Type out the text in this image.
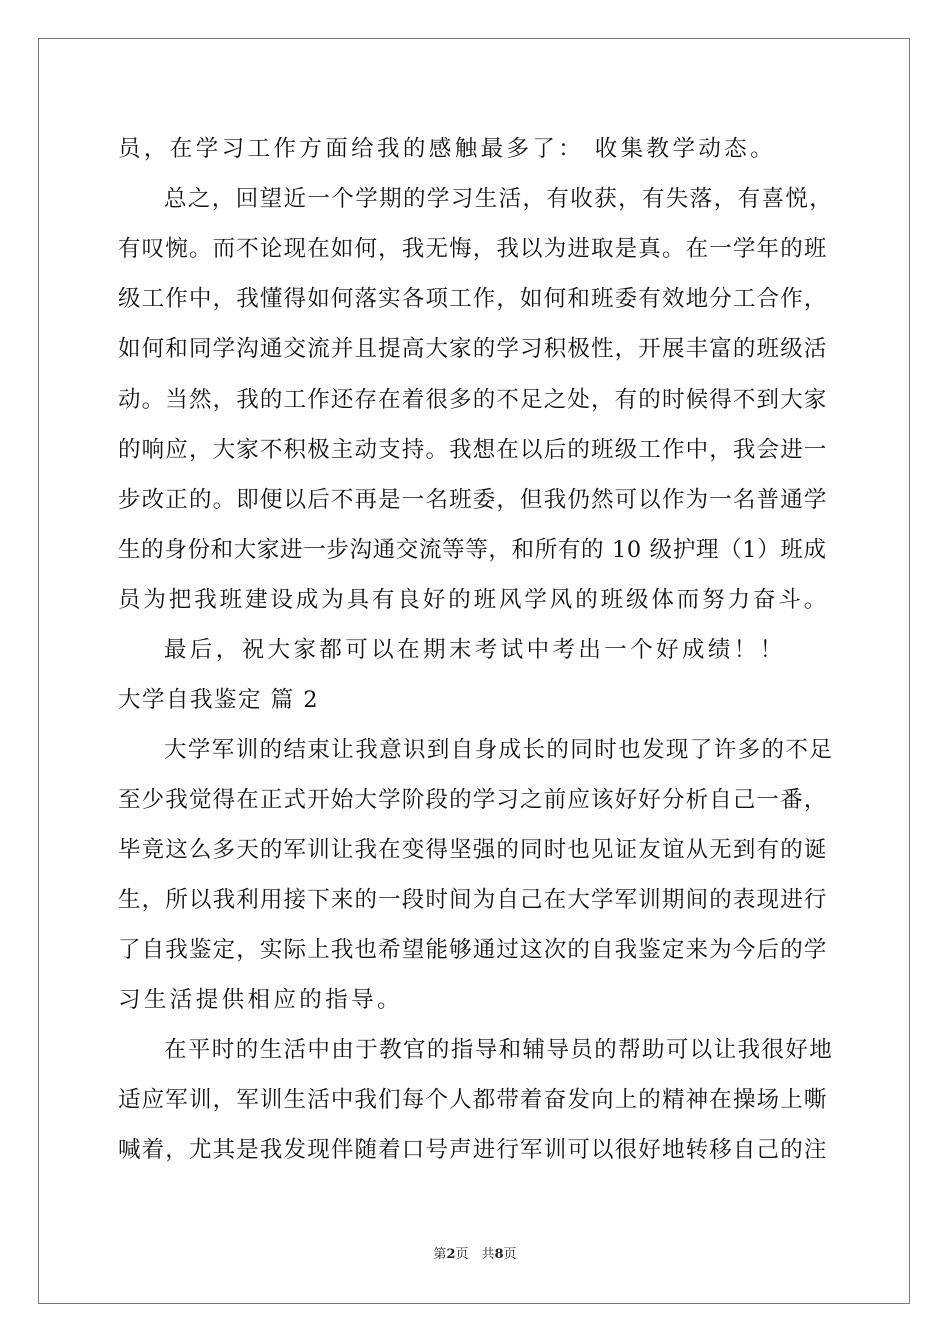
员，在学习工作方面给我的感触最多了： 收集教学动态。
总之，回望近一个学期的学习生活，有收获，有失落，有喜悦，
有叹惋。而不论现在如何，我无悔，我以为进取是真。在一学年的班
级工作中，我懂得如何落实各项工作，如何和班委有效地分工合作，
如何和同学沟通交流并且提高大家的学习积极性，开展丰富的班级活
动。当然，我的工作还存在着很多的不足之处，有的时候得不到大家
的响应，大家不积极主动支持。我想在以后的班级工作中，我会进一
步改正的。即便以后不再是一名班委，但我仍然可以作为一名普通学
生的身份和大家进一步沟通交流等等，和所有的 10 级护理（1）班成
员为把我班建设成为具有良好的班风学风的班级体而努力奋斗。
最后，祝大家都可以在期末考试中考出一个好成绩！！
大学自我鉴定 篇 2
大学军训的结束让我意识到自身成长的同时也发现了许多的不足
至少我觉得在正式开始大学阶段的学习之前应该好好分析自己一番，
毕竟这么多天的军训让我在变得坚强的同时也见证友谊从无到有的诞
生，所以我利用接下来的一段时间为自己在大学军训期间的表现进行
了自我鉴定，实际上我也希望能够通过这次的自我鉴定来为今后的学
习生活提供相应的指导。
在平时的生活中由于教官的指导和辅导员的帮助可以让我很好地
适应军训，军训生活中我们每个人都带着奋发向上的精神在操场上嘶
喊着，尤其是我发现伴随着口号声进行军训可以很好地转移自己的注
第2页　共8页
